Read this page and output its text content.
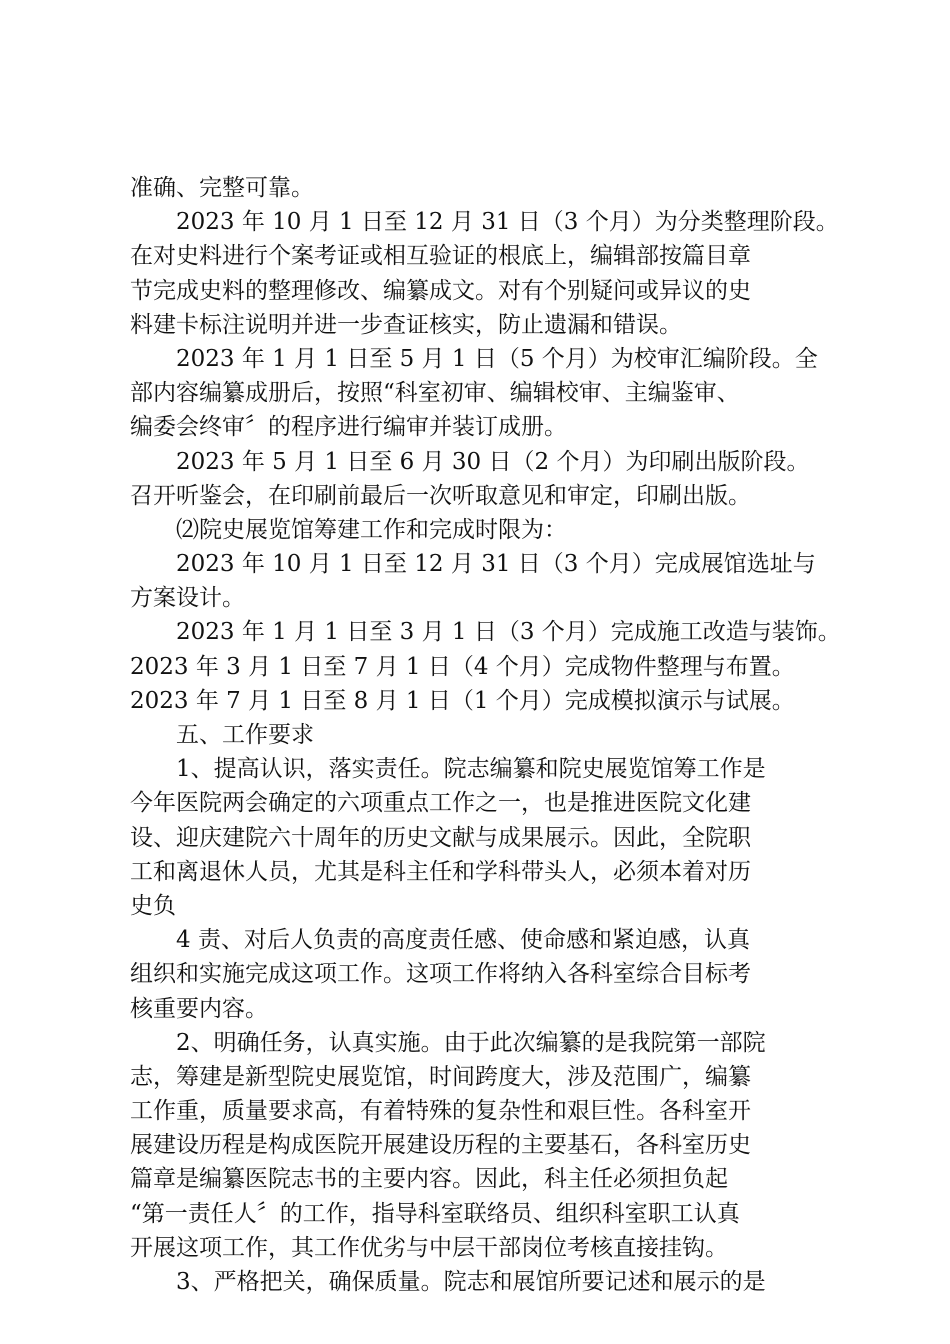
准确、完整可靠。
2023 年 10 月 1 日至 12 月 31 日（3 个月）为分类整理阶段。
在对史料进行个案考证或相互验证的根底上，编辑部按篇目章
节完成史料的整理修改、编纂成文。对有个别疑问或异议的史
料建卡标注说明并进一步查证核实，防止遗漏和错误。
2023 年 1 月 1 日至 5 月 1 日（5 个月）为校审汇编阶段。全
部内容编纂成册后，按照“科室初审、编辑校审、主编鉴审、
编委会终审〞的程序进行编审并装订成册。
2023 年 5 月 1 日至 6 月 30 日（2 个月）为印刷出版阶段。
召开听鉴会，在印刷前最后一次听取意见和审定，印刷出版。
⑵院史展览馆筹建工作和完成时限为：
2023 年 10 月 1 日至 12 月 31 日（3 个月）完成展馆选址与
方案设计。
2023 年 1 月 1 日至 3 月 1 日（3 个月）完成施工改造与装饰。
2023 年 3 月 1 日至 7 月 1 日（4 个月）完成物件整理与布置。
2023 年 7 月 1 日至 8 月 1 日（1 个月）完成模拟演示与试展。
五、工作要求
1、提高认识，落实责任。院志编纂和院史展览馆筹工作是
今年医院两会确定的六项重点工作之一，也是推进医院文化建
设、迎庆建院六十周年的历史文献与成果展示。因此，全院职
工和离退休人员，尤其是科主任和学科带头人，必须本着对历
史负
4 责、对后人负责的高度责任感、使命感和紧迫感，认真
组织和实施完成这项工作。这项工作将纳入各科室综合目标考
核重要内容。
2、明确任务，认真实施。由于此次编纂的是我院第一部院
志，筹建是新型院史展览馆，时间跨度大，涉及范围广，编纂
工作重，质量要求高，有着特殊的复杂性和艰巨性。各科室开
展建设历程是构成医院开展建设历程的主要基石，各科室历史
篇章是编纂医院志书的主要内容。因此，科主任必须担负起
“第一责任人〞的工作，指导科室联络员、组织科室职工认真
开展这项工作，其工作优劣与中层干部岗位考核直接挂钩。
3、严格把关，确保质量。院志和展馆所要记述和展示的是
